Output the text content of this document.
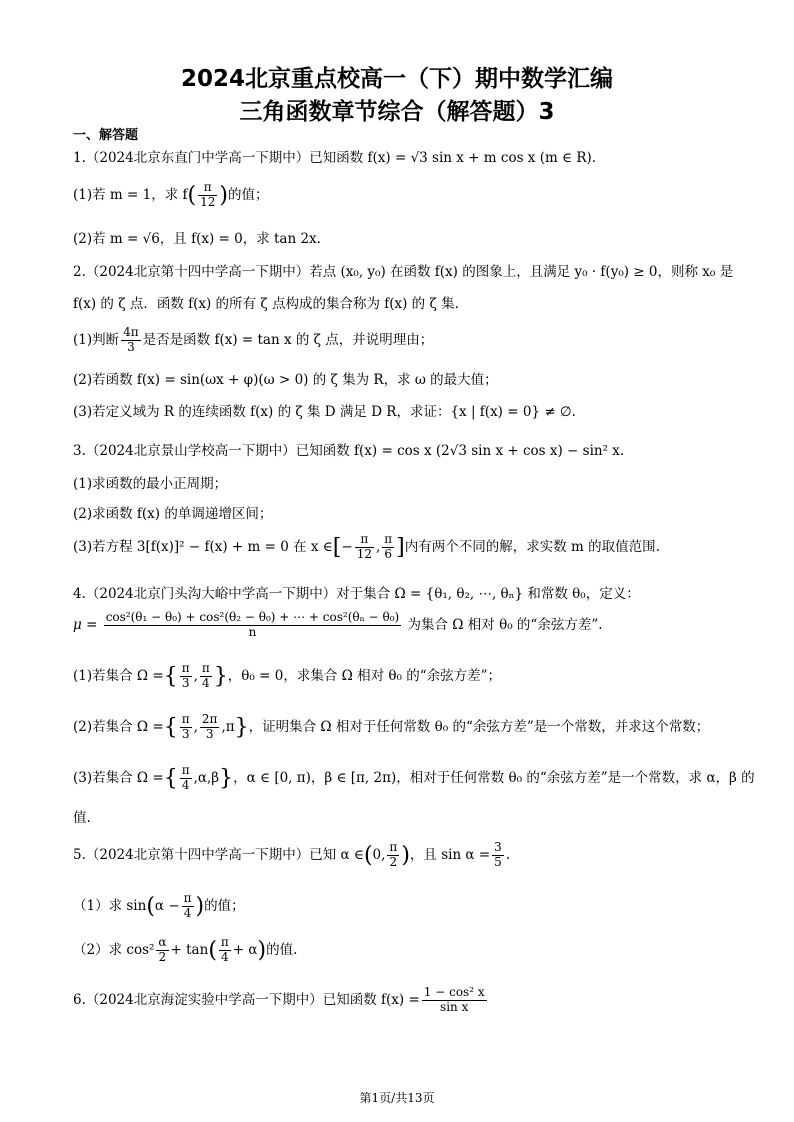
2024北京重点校高一（下）期中数学汇编
三角函数章节综合（解答题）3
一、解答题
1.（2024北京东直门中学高一下期中）已知函数 f(x) = √3 sin x + m cos x (m ∈ R).
(1)若 m = 1，求 $f( \frac{\pi}{12}$ )的值；
(2)若 m = √6，且 f(x) = 0，求 tan 2x.
2.（2024北京第十四中学高一下期中）若点 (x₀, y₀) 在函数 f(x) 的图象上，且满足 y₀ · f(y₀) ≥ 0，则称 x₀ 是
f(x) 的 ζ 点．函数 f(x) 的所有 ζ 点构成的集合称为 f(x) 的 ζ 集.
(1)判断 $\frac{4\pi}{3}$ 是否是函数 f(x) = tan x 的 ζ 点，并说明理由；
(2)若函数 f(x) = sin(ωx + φ)(ω > 0) 的 ζ 集为 R，求 ω 的最大值；
(3)若定义域为 R 的连续函数 f(x) 的 ζ 集 D 满足 D R，求证：{x | f(x) = 0} ≠ ∅.
3.（2024北京景山学校高一下期中）已知函数 f(x) = cos x (2√3 sin x + cos x) − sin² x.
(1)求函数的最小正周期；
(2)求函数 f(x) 的单调递增区间；
(3)若方程 3[f(x)]² − f(x) + m = 0 在 x ∈[− $\frac{\pi}{12}$ , $\frac{\pi}{6}$ ]内有两个不同的解，求实数 m 的取值范围.
4.（2024北京门头沟大峪中学高一下期中）对于集合 Ω = {θ₁, θ₂, ⋯, θₙ} 和常数 θ₀，定义：
$\mu = \frac{\text{cos²(θ₁ − θ₀) + cos²(θ₂ − θ₀) + ⋯ + cos²(θₙ − θ₀)}}{n}$ 为集合 Ω 相对 θ₀ 的“余弦方差”.
(1)若集合 Ω ={ $\frac{\pi}{3}$ , $\frac{\pi}{4}$ }，θ₀ = 0，求集合 Ω 相对 θ₀ 的“余弦方差”；
(2)若集合 Ω ={ $\frac{\pi}{3}$ , $\frac{2\pi}{3} ,\pi$}，证明集合 Ω 相对于任何常数 θ₀ 的“余弦方差”是一个常数，并求这个常数；
(3)若集合 Ω ={ $\frac{\pi}{4} ,\alpha,\beta$}，α ∈ [0, π)，β ∈ [π, 2π)，相对于任何常数 θ₀ 的“余弦方差”是一个常数，求 α，β 的
值.
5.（2024北京第十四中学高一下期中）已知 α ∈(0, $\frac{\pi}{2}$ )，且 $\sin \alpha = \frac{3}{5}$ .
（1）求 $\sin(\alpha - \frac{\pi}{4}$ )的值；
（2）求 $\cos^2 \frac{\alpha}{2} + \tan( \frac{\pi}{4} + \alpha)$的值.
6.（2024北京海淀实验中学高一下期中）已知函数 $f(x) = \frac{\text{1 − cos² x}}{\text{sin x}}$
第1页/共13页
